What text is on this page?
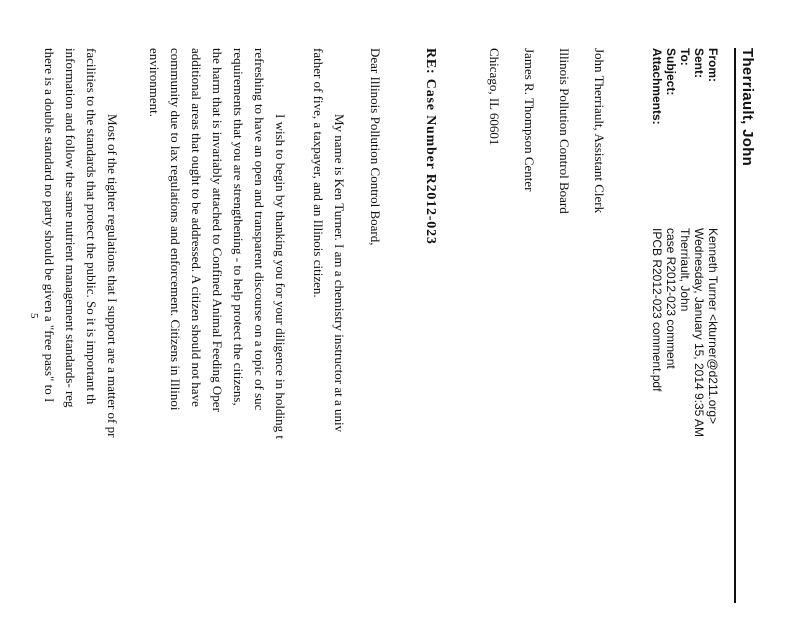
Therriault, John
From:
Kenneth Turner <kturner@d211.org>
Sent:
Wednesday, January 15, 2014 9:35 AM
To:
Therriault, John
Subject:
case R2012-023 comment
Attachments:
IPCB R2012-023 comment.pdf
John Therriault, Assistant Clerk
Illinois Pollution Control Board
James R. Thompson Center
Chicago, IL 60601
RE: Case Number R2012-023
Dear Illinois Pollution Control Board,
My name is Ken Turner. I am a chemistry instructor at a univ
father of five, a taxpayer, and an Illinois citizen.
I wish to begin by thanking you for your diligence in holding t
refreshing to have an open and transparent discourse on a topic of suc
requirements that you are strengthening - to help protect the citizens,
the harm that is invariably attached to Confined Animal Feeding Oper
additional areas that ought to be addressed. A citizen should not have
community due to lax regulations and enforcement. Citizens in Illinoi
environment.
Most of the tighter regulations that I support are a matter of pr
facilities to the standards that protect the public. So it is important th
information and follow the same nutrient management standards- reg
there is a double standard no party should be given a "free pass" to I
5
